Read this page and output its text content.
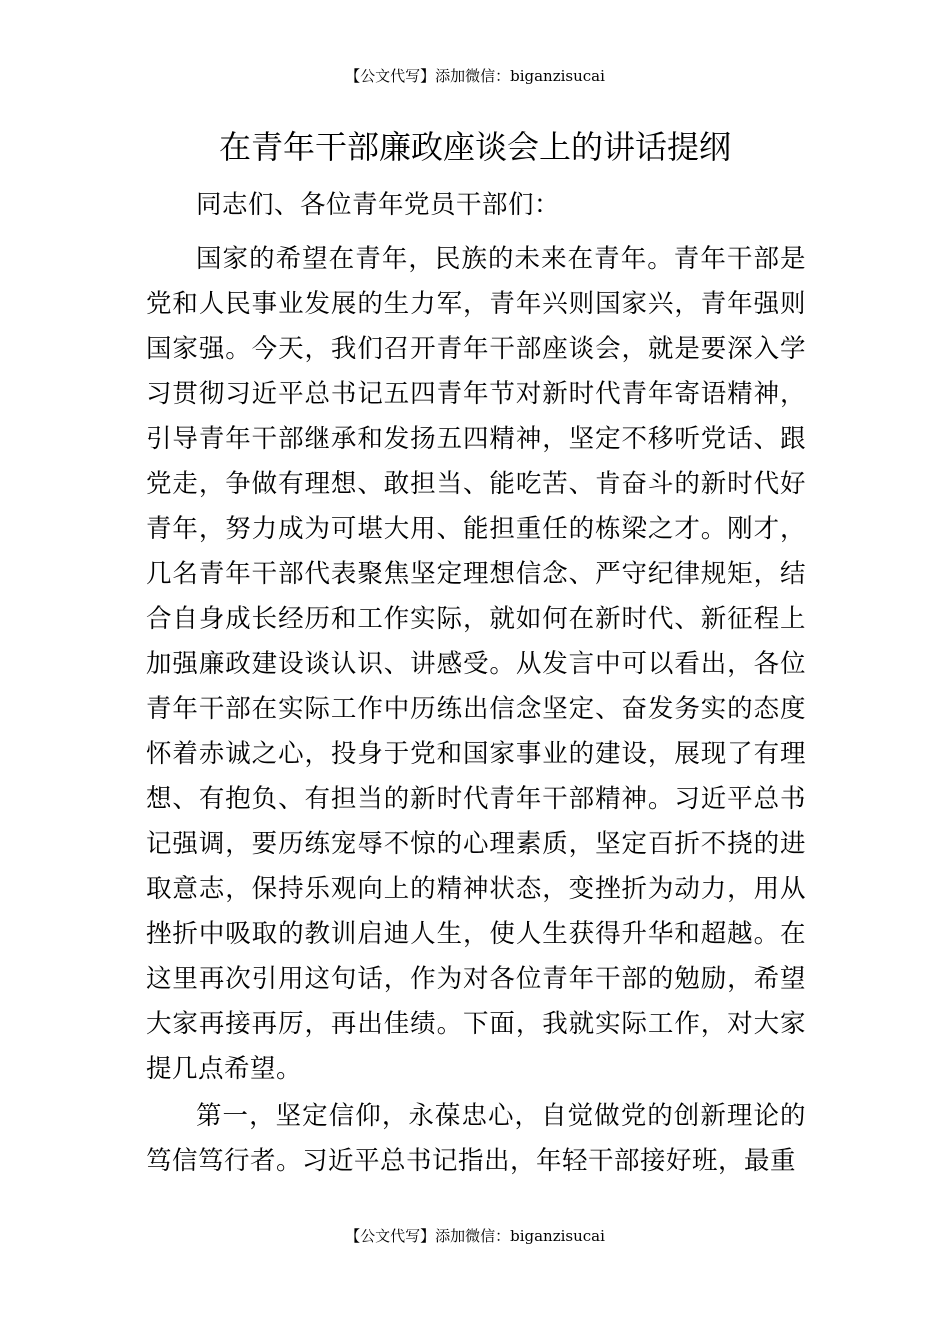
【公文代写】添加微信：biganzisucai
在青年干部廉政座谈会上的讲话提纲

同志们、各位青年党员干部们：

国家的希望在青年，民族的未来在青年。青年干部是党和人民事业发展的生力军，青年兴则国家兴，青年强则国家强。今天，我们召开青年干部座谈会，就是要深入学习贯彻习近平总书记五四青年节对新时代青年寄语精神，引导青年干部继承和发扬五四精神，坚定不移听党话、跟党走，争做有理想、敢担当、能吃苦、肯奋斗的新时代好青年，努力成为可堪大用、能担重任的栋梁之才。刚才，几名青年干部代表聚焦坚定理想信念、严守纪律规矩，结合自身成长经历和工作实际，就如何在新时代、新征程上加强廉政建设谈认识、讲感受。从发言中可以看出，各位青年干部在实际工作中历练出信念坚定、奋发务实的态度怀着赤诚之心，投身于党和国家事业的建设，展现了有理想、有抱负、有担当的新时代青年干部精神。习近平总书记强调，要历练宠辱不惊的心理素质，坚定百折不挠的进取意志，保持乐观向上的精神状态，变挫折为动力，用从挫折中吸取的教训启迪人生，使人生获得升华和超越。在这里再次引用这句话，作为对各位青年干部的勉励，希望大家再接再厉，再出佳绩。下面，我就实际工作，对大家提几点希望。

第一，坚定信仰，永葆忠心，自觉做党的创新理论的笃信笃行者。习近平总书记指出，年轻干部接好班，最重

【公文代写】添加微信：biganzisucai
